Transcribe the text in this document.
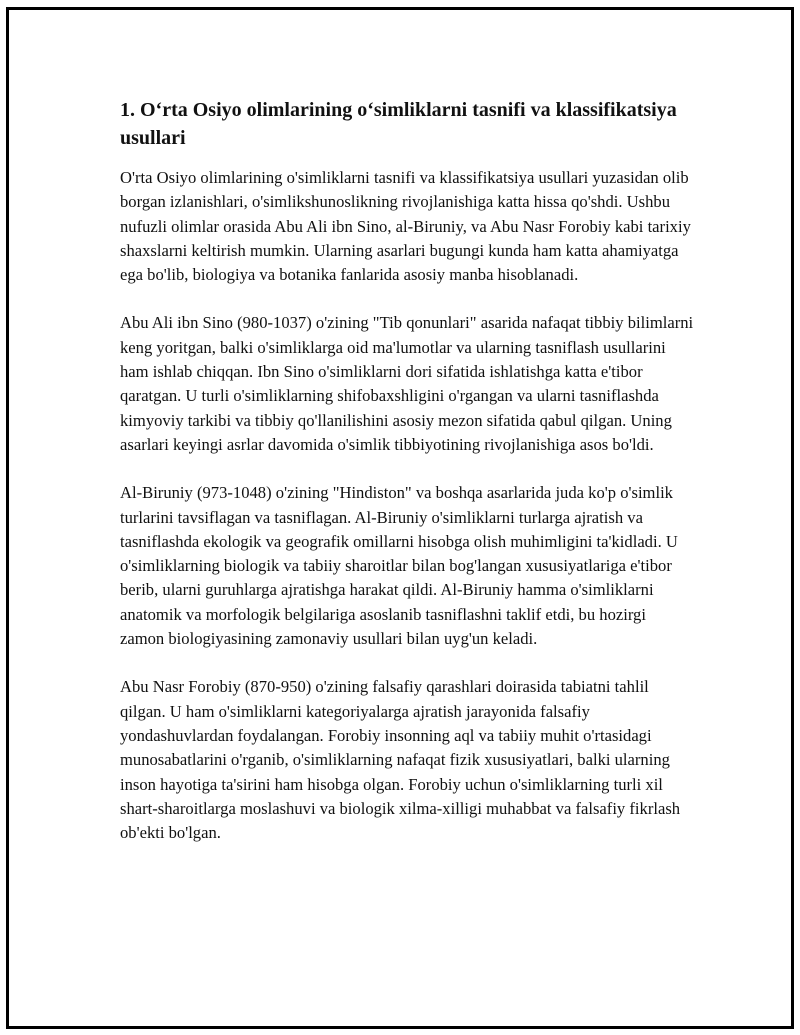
1. O‘rta Osiyo olimlarining o‘simliklarni tasnifi va klassifikatsiya usullari

O'rta Osiyo olimlarining o'simliklarni tasnifi va klassifikatsiya usullari yuzasidan olib borgan izlanishlari, o'simlikshunoslikning rivojlanishiga katta hissa qo'shdi. Ushbu nufuzli olimlar orasida Abu Ali ibn Sino, al-Biruniy, va Abu Nasr Forobiy kabi tarixiy shaxslarni keltirish mumkin. Ularning asarlari bugungi kunda ham katta ahamiyatga ega bo'lib, biologiya va botanika fanlarida asosiy manba hisoblanadi.

Abu Ali ibn Sino (980-1037) o'zining "Tib qonunlari" asarida nafaqat tibbiy bilimlarni keng yoritgan, balki o'simliklarga oid ma'lumotlar va ularning tasniflash usullarini ham ishlab chiqqan. Ibn Sino o'simliklarni dori sifatida ishlatishga katta e'tibor qaratgan. U turli o'simliklarning shifobaxshligini o'rgangan va ularni tasniflashda kimyoviy tarkibi va tibbiy qo'llanilishini asosiy mezon sifatida qabul qilgan. Uning asarlari keyingi asrlar davomida o'simlik tibbiyotining rivojlanishiga asos bo'ldi.

Al-Biruniy (973-1048) o'zining "Hindiston" va boshqa asarlarida juda ko'p o'simlik turlarini tavsiflagan va tasniflagan. Al-Biruniy o'simliklarni turlarga ajratish va tasniflashda ekologik va geografik omillarni hisobga olish muhimligini ta'kidladi. U o'simliklarning biologik va tabiiy sharoitlar bilan bog'langan xususiyatlariga e'tibor berib, ularni guruhlarga ajratishga harakat qildi. Al-Biruniy hamma o'simliklarni anatomik va morfologik belgilariga asoslanib tasniflashni taklif etdi, bu hozirgi zamon biologiyasining zamonaviy usullari bilan uyg'un keladi.

Abu Nasr Forobiy (870-950) o'zining falsafiy qarashlari doirasida tabiatni tahlil qilgan. U ham o'simliklarni kategoriyalarga ajratish jarayonida falsafiy yondashuvlardan foydalangan. Forobiy insonning aql va tabiiy muhit o'rtasidagi munosabatlarini o'rganib, o'simliklarning nafaqat fizik xususiyatlari, balki ularning inson hayotiga ta'sirini ham hisobga olgan. Forobiy uchun o'simliklarning turli xil shart-sharoitlarga moslashuvi va biologik xilma-xilligi muhabbat va falsafiy fikrlash ob'ekti bo'lgan.
